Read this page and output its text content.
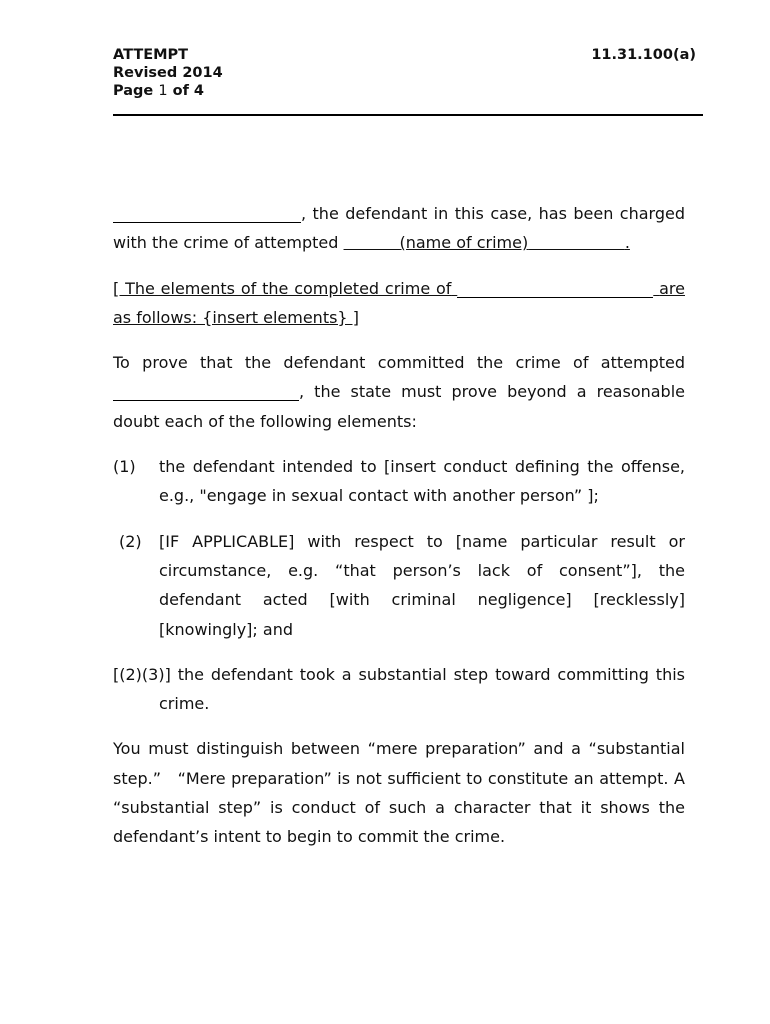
ATTEMPT
Revised 2014
Page 1 of 4
11.31.100(a)

, the defendant in this case, has been charged with the crime of attempted	(name of crime)	.

[ The elements of the completed crime of	are as follows: {insert elements} ]

To prove that the defendant committed the crime of attempted , the state must prove beyond a reasonable doubt each of the following elements:

(1)	the defendant intended to [insert conduct defining the offense, e.g., "engage in sexual contact with another person” ];
(2)	[IF APPLICABLE] with respect to [name particular result or circumstance, e.g. “that person’s lack of consent”], the defendant acted [with criminal negligence] [recklessly] [knowingly]; and

[(2)(3)] the defendant took a substantial step toward committing this crime.

You must distinguish between “mere preparation” and a “substantial step.”   “Mere preparation” is not sufficient to constitute an attempt. A “substantial step” is conduct of such a character that it shows the defendant’s intent to begin to commit the crime.
